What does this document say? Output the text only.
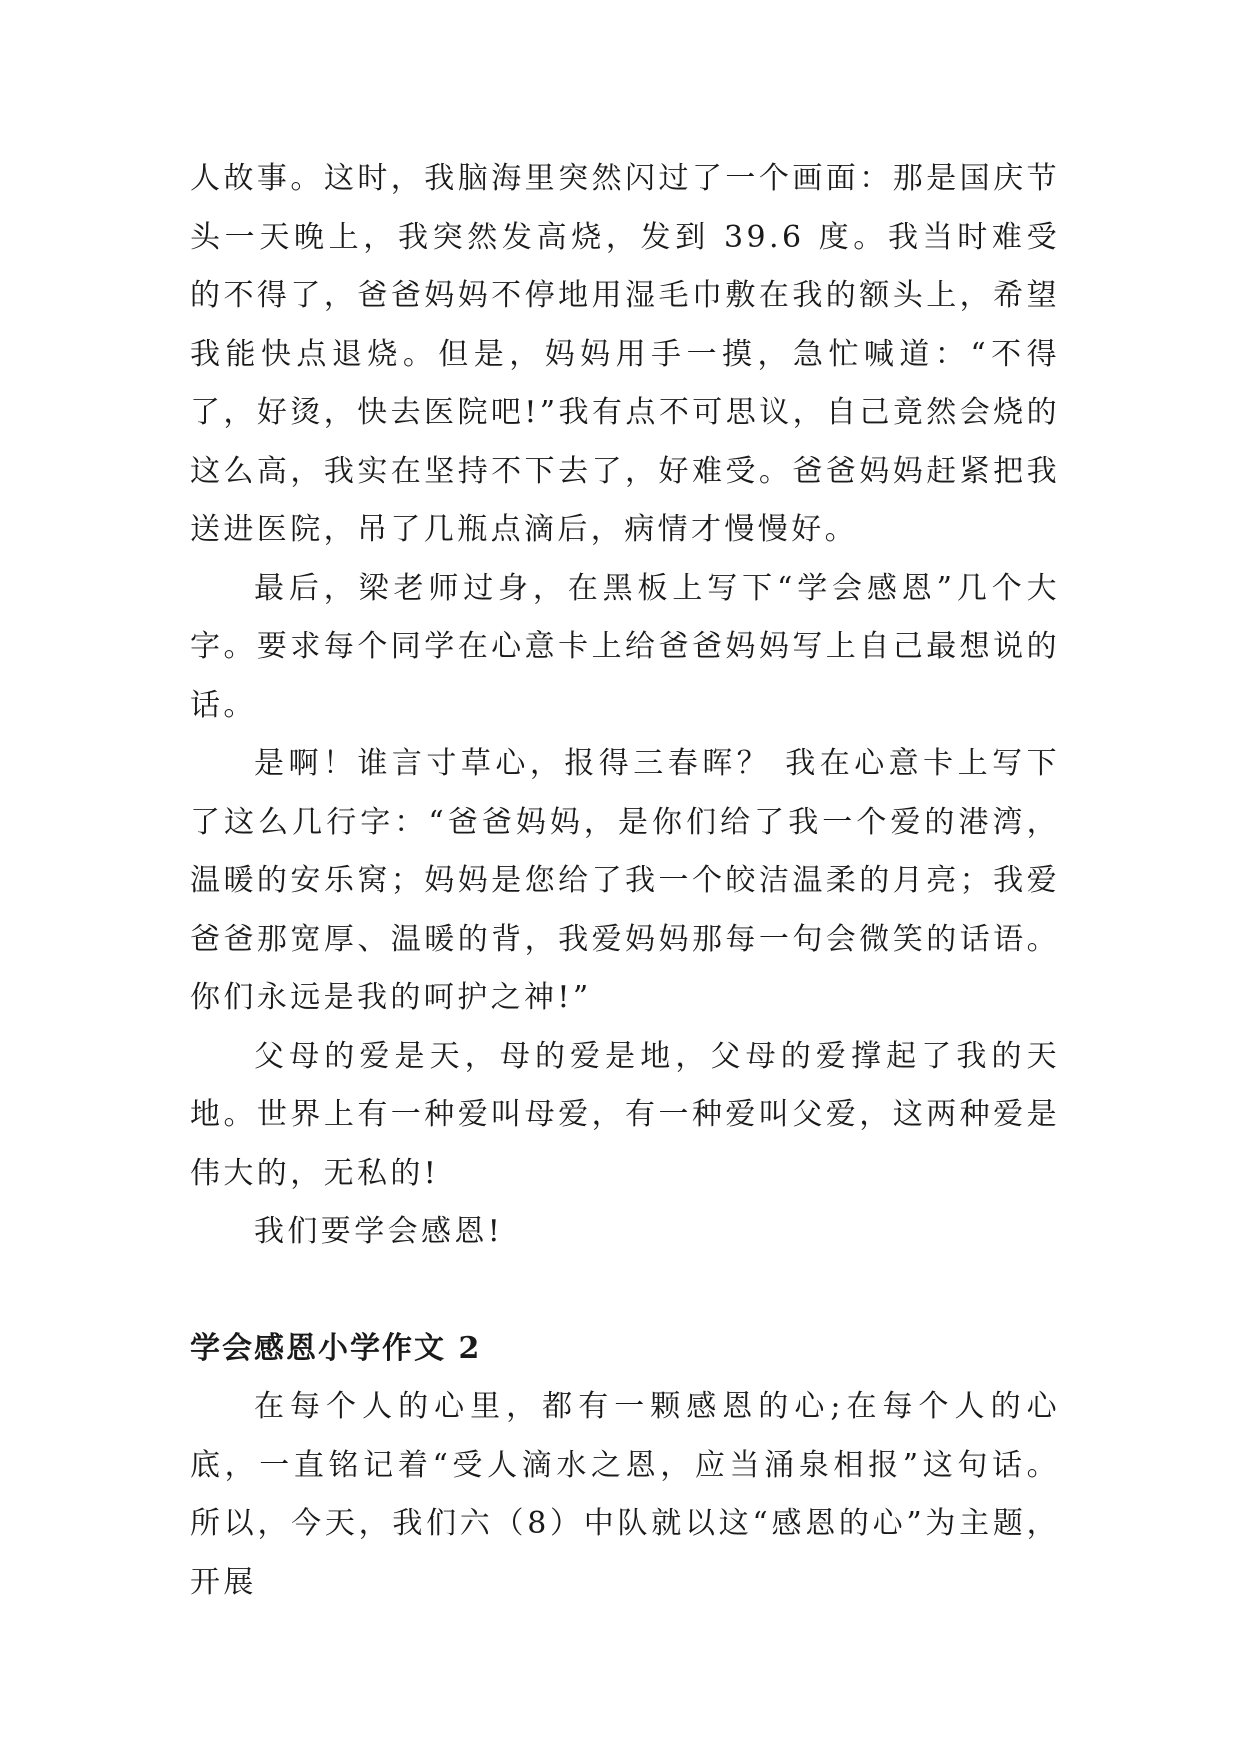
人故事。这时，我脑海里突然闪过了一个画面：那是国庆节头一天晚上，我突然发高烧，发到 39.6 度。我当时难受的不得了，爸爸妈妈不停地用湿毛巾敷在我的额头上，希望我能快点退烧。但是，妈妈用手一摸，急忙喊道：“不得了，好烫，快去医院吧!”我有点不可思议，自己竟然会烧的这么高，我实在坚持不下去了，好难受。爸爸妈妈赶紧把我送进医院，吊了几瓶点滴后，病情才慢慢好。

最后，梁老师过身，在黑板上写下“学会感恩”几个大字。要求每个同学在心意卡上给爸爸妈妈写上自己最想说的话。

是啊！谁言寸草心，报得三春晖？ 我在心意卡上写下了这么几行字：“爸爸妈妈，是你们给了我一个爱的港湾，温暖的安乐窝；妈妈是您给了我一个皎洁温柔的月亮；我爱爸爸那宽厚、温暖的背，我爱妈妈那每一句会微笑的话语。你们永远是我的呵护之神!”

父母的爱是天，母的爱是地，父母的爱撑起了我的天地。世界上有一种爱叫母爱，有一种爱叫父爱，这两种爱是伟大的，无私的!

我们要学会感恩!

学会感恩小学作文 2

在每个人的心里，都有一颗感恩的心;在每个人的心底，一直铭记着“受人滴水之恩，应当涌泉相报”这句话。所以，今天，我们六（8）中队就以这“感恩的心”为主题，开展
